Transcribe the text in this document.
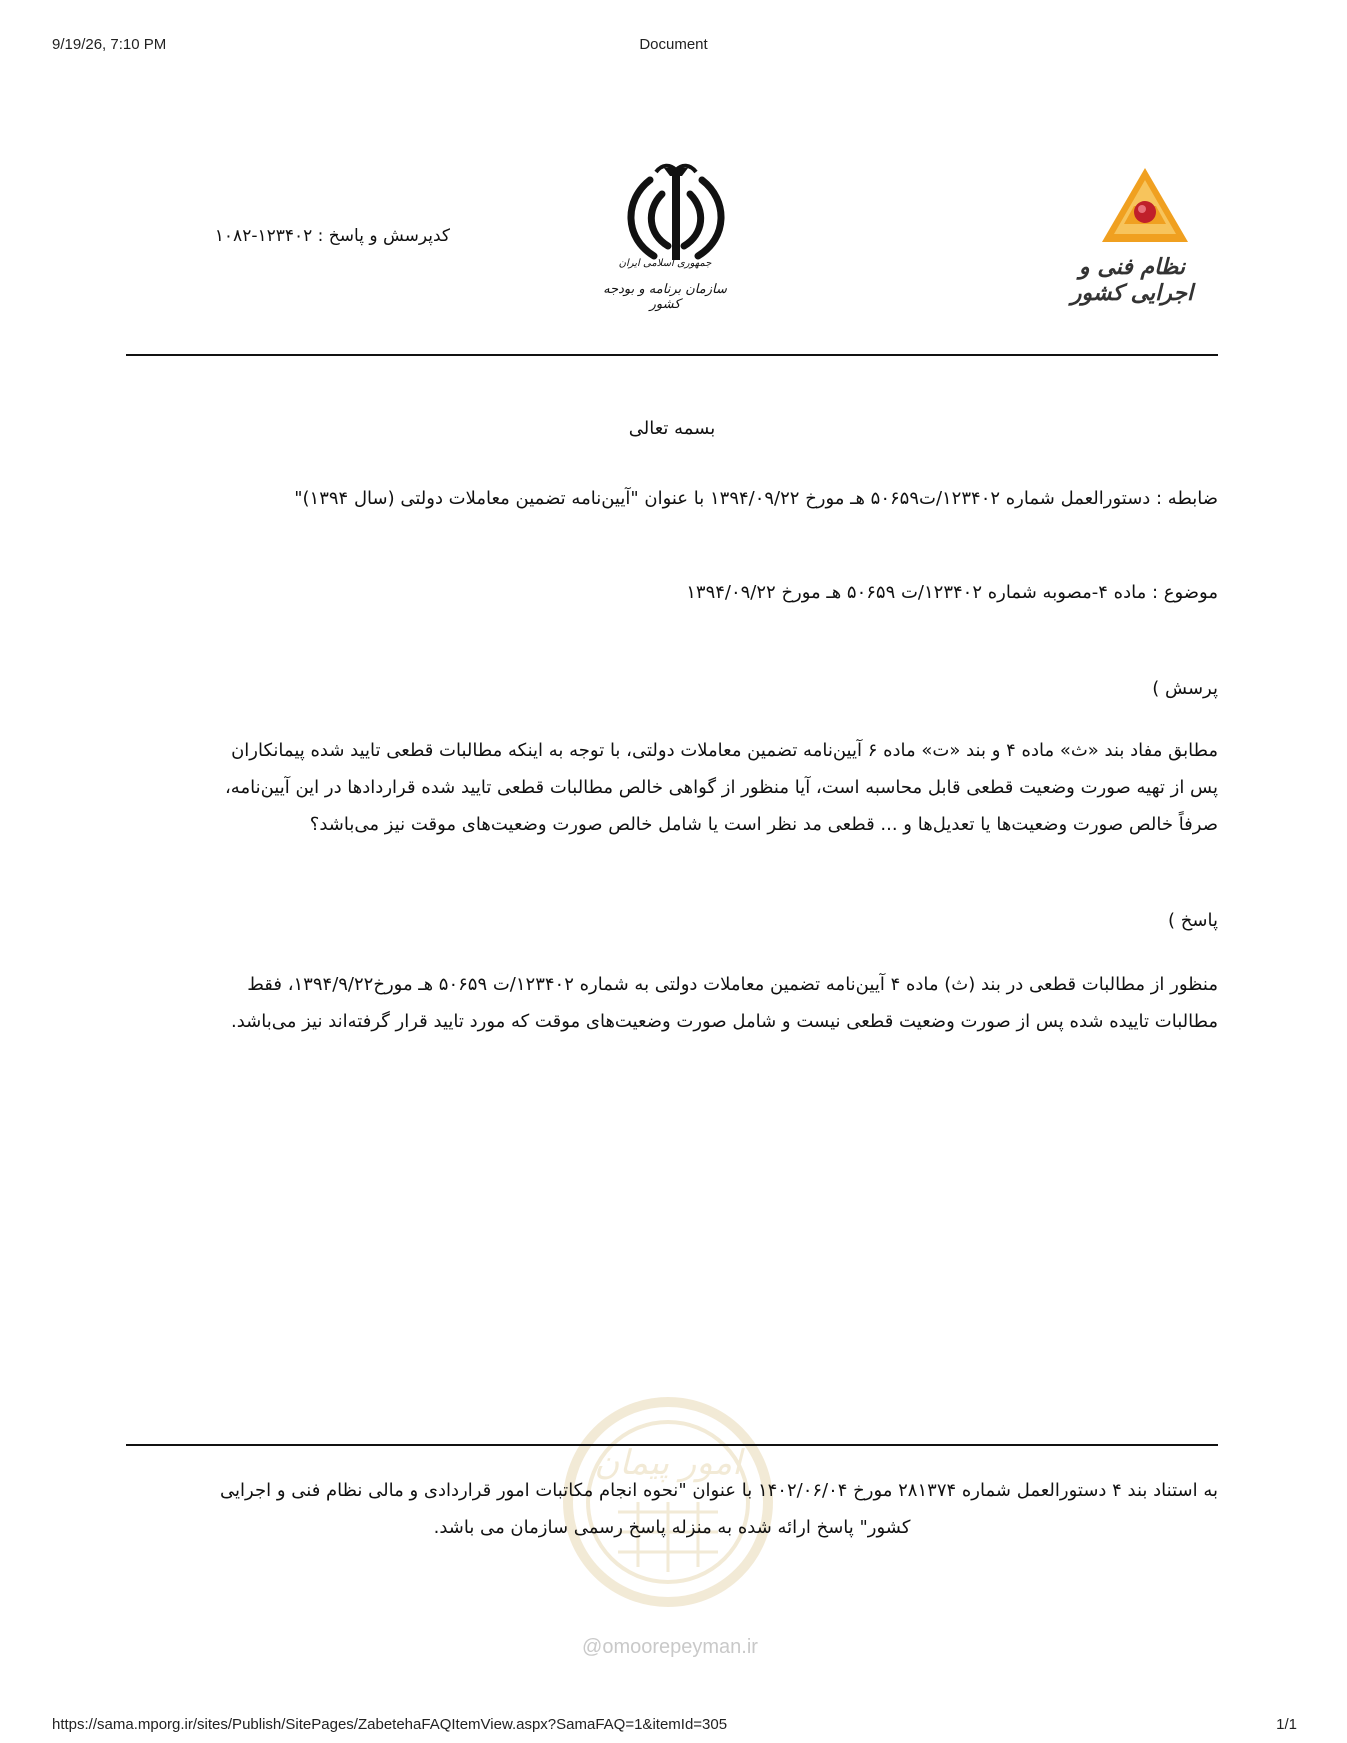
9/19/26, 7:10 PM	Document
کدپرسش و پاسخ : ۱۲۳۴۰۲-۱۰۸۲
جمهوری اسلامی ایران
سازمان برنامه و بودجه کشور
نظام فنی و اجرایی کشور
بسمه تعالی
ضابطه : دستورالعمل شماره ۱۲۳۴۰۲/ت۵۰۶۵۹ هـ مورخ ۱۳۹۴/۰۹/۲۲ با عنوان "آیین‌نامه تضمین معاملات دولتی (سال ۱۳۹۴)"
موضوع : ماده ۴-مصوبه شماره ۱۲۳۴۰۲/ت ۵۰۶۵۹ هـ مورخ ۱۳۹۴/۰۹/۲۲
پرسش )
مطابق مفاد بند «ث» ماده ۴ و بند «ت» ماده ۶ آیین‌نامه تضمین معاملات دولتی، با توجه به اینکه مطالبات قطعی تایید شده پیمانکاران
پس از تهیه صورت وضعیت قطعی قابل محاسبه است، آیا منظور از گواهی خالص مطالبات قطعی تایید شده قراردادها در این آیین‌نامه،
صرفاً خالص صورت وضعیت‌ها یا تعدیل‌ها و ... قطعی مد نظر است یا شامل خالص صورت وضعیت‌های موقت نیز می‌باشد؟
پاسخ )
منظور از مطالبات قطعی در بند (ث) ماده ۴ آیین‌نامه تضمین معاملات دولتی به شماره ۱۲۳۴۰۲/ت ۵۰۶۵۹ هـ مورخ۱۳۹۴/۹/۲۲، فقط
مطالبات تاییده شده پس از صورت وضعیت قطعی نیست و شامل صورت وضعیت‌های موقت که مورد تایید قرار گرفته‌اند نیز می‌باشد.
امور پیمان
به استناد بند ۴ دستورالعمل شماره ۲۸۱۳۷۴ مورخ ۱۴۰۲/۰۶/۰۴ با عنوان "نحوه انجام مکاتبات امور قراردادی و مالی نظام فنی و اجرایی
کشور" پاسخ ارائه شده به منزله پاسخ رسمی سازمان می باشد.
@omoorepeyman.ir
https://sama.mporg.ir/sites/Publish/SitePages/ZabetehaFAQItemView.aspx?SamaFAQ=1&itemId=305	1/1
